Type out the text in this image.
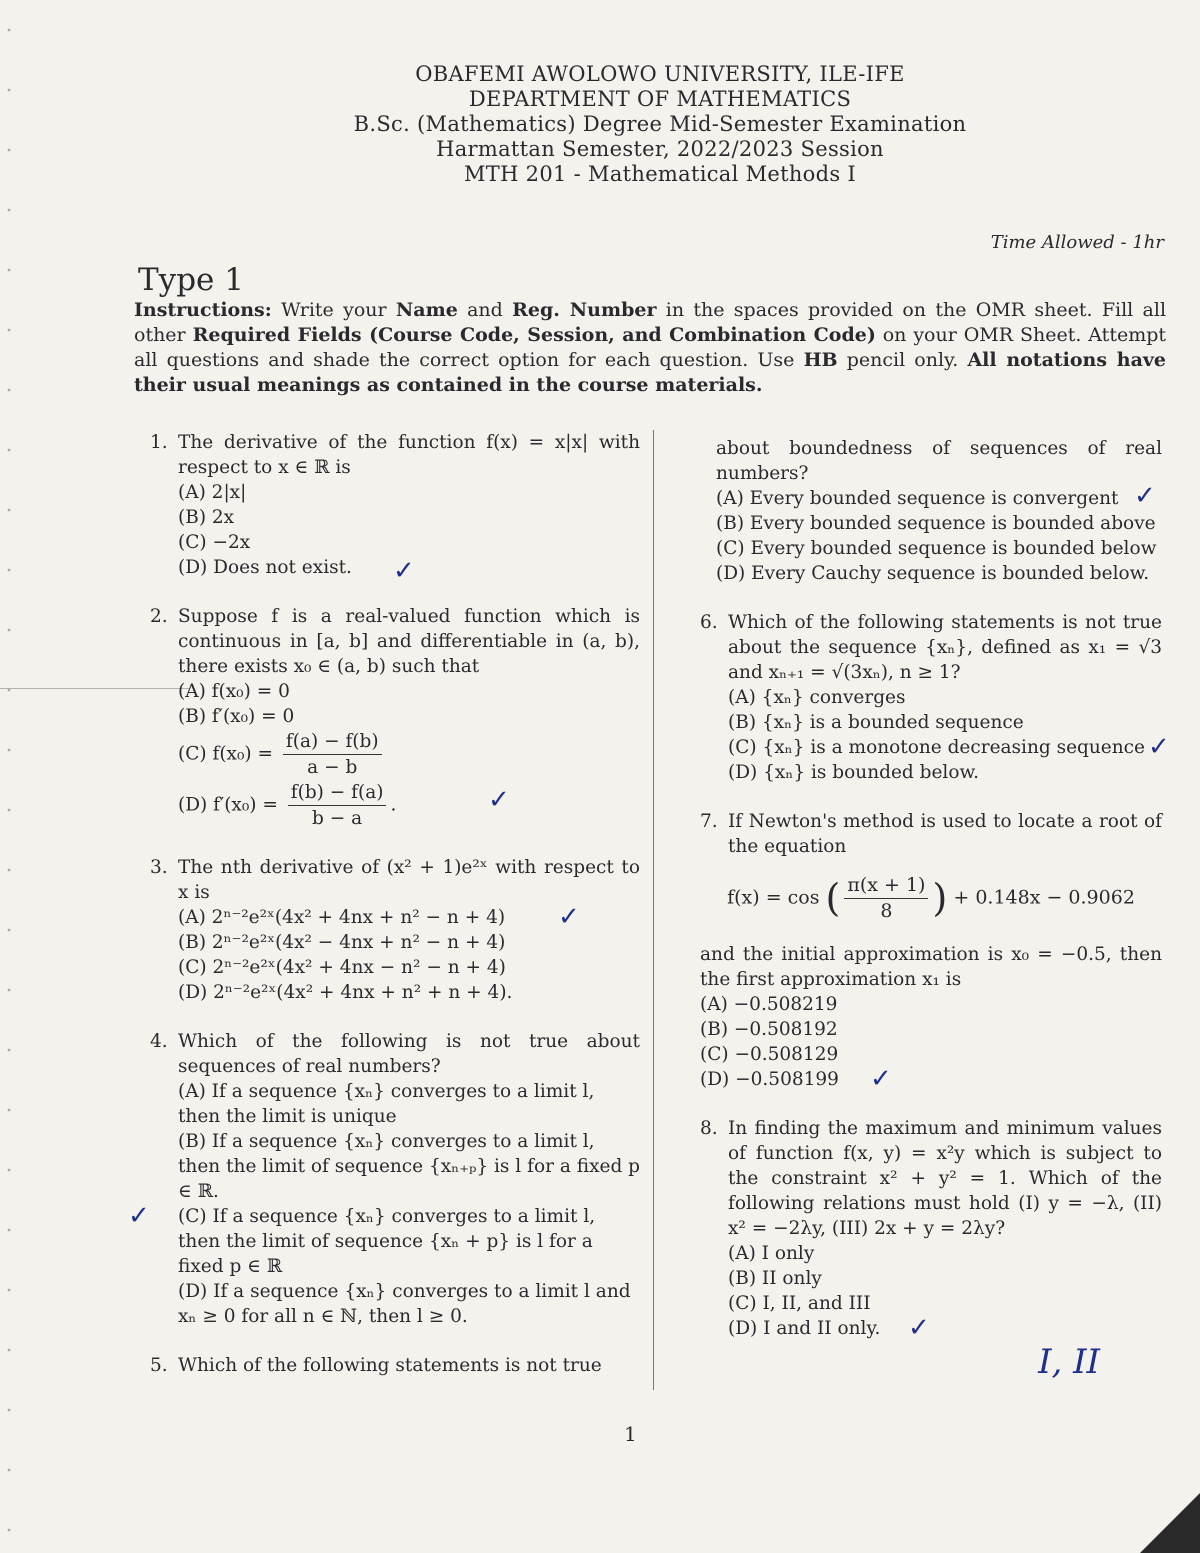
OBAFEMI AWOLOWO UNIVERSITY, ILE-IFE
DEPARTMENT OF MATHEMATICS
B.Sc. (Mathematics) Degree Mid-Semester Examination
Harmattan Semester, 2022/2023 Session
MTH 201 - Mathematical Methods I
Time Allowed - 1hr
Type 1
Instructions: Write your Name and Reg. Number in the spaces provided on the OMR sheet. Fill all other Required Fields (Course Code, Session, and Combination Code) on your OMR Sheet. Attempt all questions and shade the correct option for each question. Use HB pencil only. All notations have their usual meanings as contained in the course materials.
1. The derivative of the function f(x) = x|x| with respect to x ∈ ℝ is
(A) 2|x|
(B) 2x
(C) −2x
(D) Does not exist. ✓
2. Suppose f is a real-valued function which is continuous in [a, b] and differentiable in (a, b), there exists x₀ ∈ (a, b) such that
(A) f(x₀) = 0
(B) f′(x₀) = 0
(C) $f(x_0) = \frac{f(a) - f(b)}{a - b}$
(D) $f'(x_0) = \frac{f(b) - f(a)}{b - a}$ .	✓
3. The nth derivative of (x² + 1)e²ˣ with respect to x is
(A) 2ⁿ⁻²e²ˣ(4x² + 4nx + n² − n + 4) ✓
(B) 2ⁿ⁻²e²ˣ(4x² − 4nx + n² − n + 4)
(C) 2ⁿ⁻²e²ˣ(4x² + 4nx − n² − n + 4)
(D) 2ⁿ⁻²e²ˣ(4x² + 4nx + n² + n + 4).
4. Which of the following is not true about sequences of real numbers?
(A) If a sequence {xₙ} converges to a limit l, then the limit is unique
(B) If a sequence {xₙ} converges to a limit l, then the limit of sequence {xₙ₊ₚ} is l for a fixed p ∈ ℝ.
✓ (C) If a sequence {xₙ} converges to a limit l, then the limit of sequence {xₙ + p} is l for a fixed p ∈ ℝ
(D) If a sequence {xₙ} converges to a limit l and xₙ ≥ 0 for all n ∈ ℕ, then l ≥ 0.
5. Which of the following statements is not true
about boundedness of sequences of real numbers?
(A) Every bounded sequence is convergent ✓
(B) Every bounded sequence is bounded above
(C) Every bounded sequence is bounded below
(D) Every Cauchy sequence is bounded below.
6. Which of the following statements is not true about the sequence {xₙ}, defined as x₁ = √3 and xₙ₊₁ = √(3xₙ), n ≥ 1?
(A) {xₙ} converges
(B) {xₙ} is a bounded sequence
(C) {xₙ} is a monotone decreasing sequence ✓
(D) {xₙ} is bounded below.
7. If Newton's method is used to locate a root of the equation
f(x) = cos ( $\frac{\pi(x + 1)}{8}$ ) + 0.148x − 0.9062
and the initial approximation is x₀ = −0.5, then the first approximation x₁ is
(A) −0.508219
(B) −0.508192
(C) −0.508129
(D) −0.508199 ✓
8. In finding the maximum and minimum values of function f(x, y) = x²y which is subject to the constraint x² + y² = 1. Which of the following relations must hold (I) y = −λ, (II) x² = −2λy, (III) 2x + y = 2λy?
(A) I only
(B) II only
(C) I, II, and III
(D) I and II only. ✓
I, II
1
